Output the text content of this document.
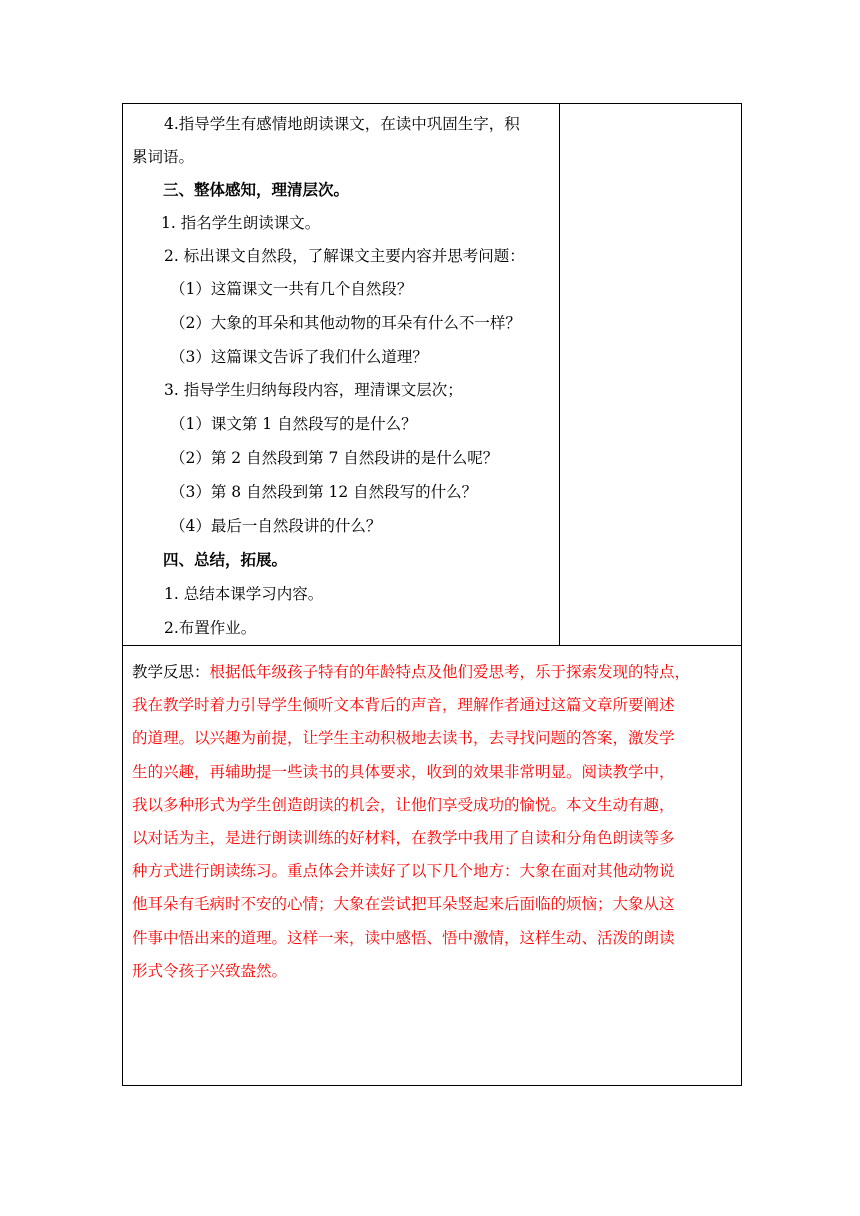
4.指导学生有感情地朗读课文，在读中巩固生字，积
累词语。
三、整体感知，理清层次。
1. 指名学生朗读课文。
2. 标出课文自然段，了解课文主要内容并思考问题：
（1）这篇课文一共有几个自然段？
（2）大象的耳朵和其他动物的耳朵有什么不一样？
（3）这篇课文告诉了我们什么道理？
3. 指导学生归纳每段内容，理清课文层次；
（1）课文第 1 自然段写的是什么？
（2）第 2 自然段到第 7 自然段讲的是什么呢？
（3）第 8 自然段到第 12 自然段写的什么？
（4）最后一自然段讲的什么？
四、总结，拓展。
1. 总结本课学习内容。
2.布置作业。
教学反思：根据低年级孩子特有的年龄特点及他们爱思考，乐于探索发现的特点，
我在教学时着力引导学生倾听文本背后的声音，理解作者通过这篇文章所要阐述
的道理。以兴趣为前提，让学生主动积极地去读书，去寻找问题的答案，激发学
生的兴趣，再辅助提一些读书的具体要求，收到的效果非常明显。阅读教学中，
我以多种形式为学生创造朗读的机会，让他们享受成功的愉悦。本文生动有趣，
以对话为主，是进行朗读训练的好材料，在教学中我用了自读和分角色朗读等多
种方式进行朗读练习。重点体会并读好了以下几个地方：大象在面对其他动物说
他耳朵有毛病时不安的心情；大象在尝试把耳朵竖起来后面临的烦恼；大象从这
件事中悟出来的道理。这样一来，读中感悟、悟中激情，这样生动、活泼的朗读
形式令孩子兴致盎然。
